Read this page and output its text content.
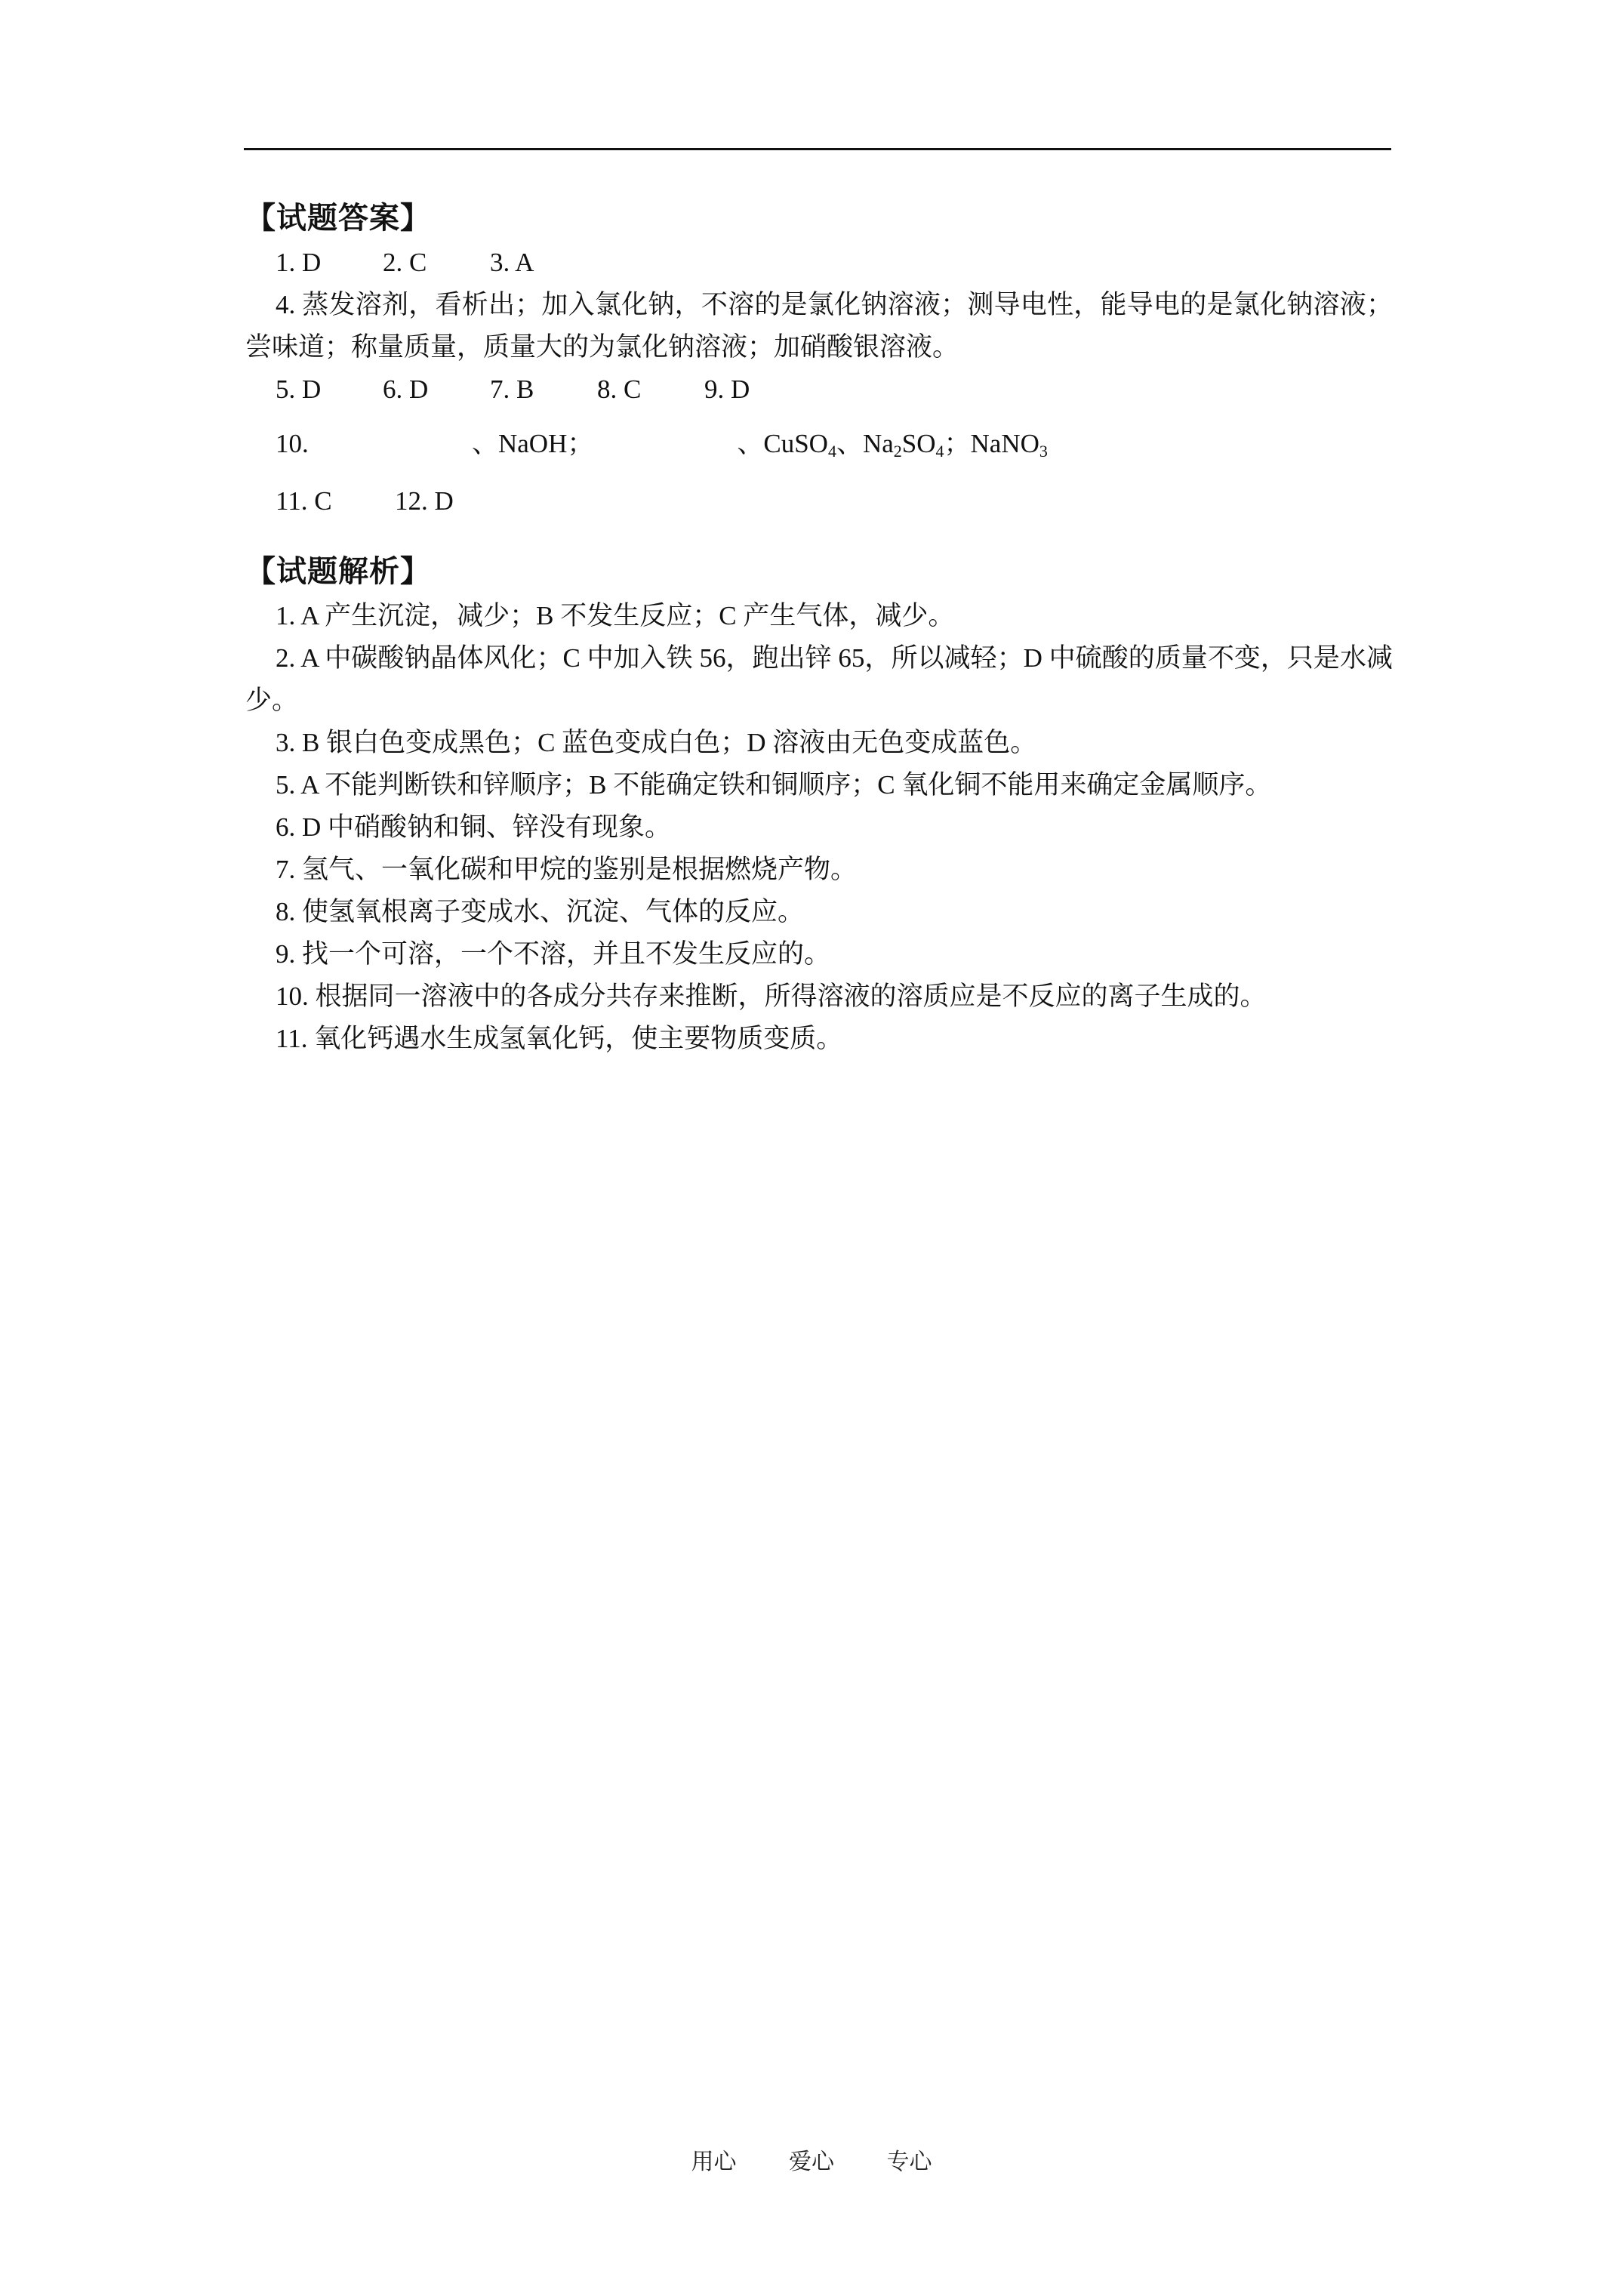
【试题答案】

1. D	2. C	3. A

4. 蒸发溶剂，看析出；加入氯化钠，不溶的是氯化钠溶液；测导电性，能导电的是氯化钠溶液；尝味道；称量质量，质量大的为氯化钠溶液；加硝酸银溶液。

5. D	6. D	7. B	8. C	9. D

10.	、NaOH；	、CuSO$_4$、$Na_2SO_4$；NaNO$_3$

11. C	12. D

【试题解析】

1. A 产生沉淀，减少；B 不发生反应；C 产生气体，减少。

2. A 中碳酸钠晶体风化；C 中加入铁 56，跑出锌 65，所以减轻；D 中硫酸的质量不变，只是水减少。

3. B 银白色变成黑色；C 蓝色变成白色；D 溶液由无色变成蓝色。

5. A 不能判断铁和锌顺序；B 不能确定铁和铜顺序；C 氧化铜不能用来确定金属顺序。

6. D 中硝酸钠和铜、锌没有现象。

7. 氢气、一氧化碳和甲烷的鉴别是根据燃烧产物。

8. 使氢氧根离子变成水、沉淀、气体的反应。

9. 找一个可溶，一个不溶，并且不发生反应的。

10. 根据同一溶液中的各成分共存来推断，所得溶液的溶质应是不反应的离子生成的。

11. 氧化钙遇水生成氢氧化钙，使主要物质变质。

用心 爱心 专心
